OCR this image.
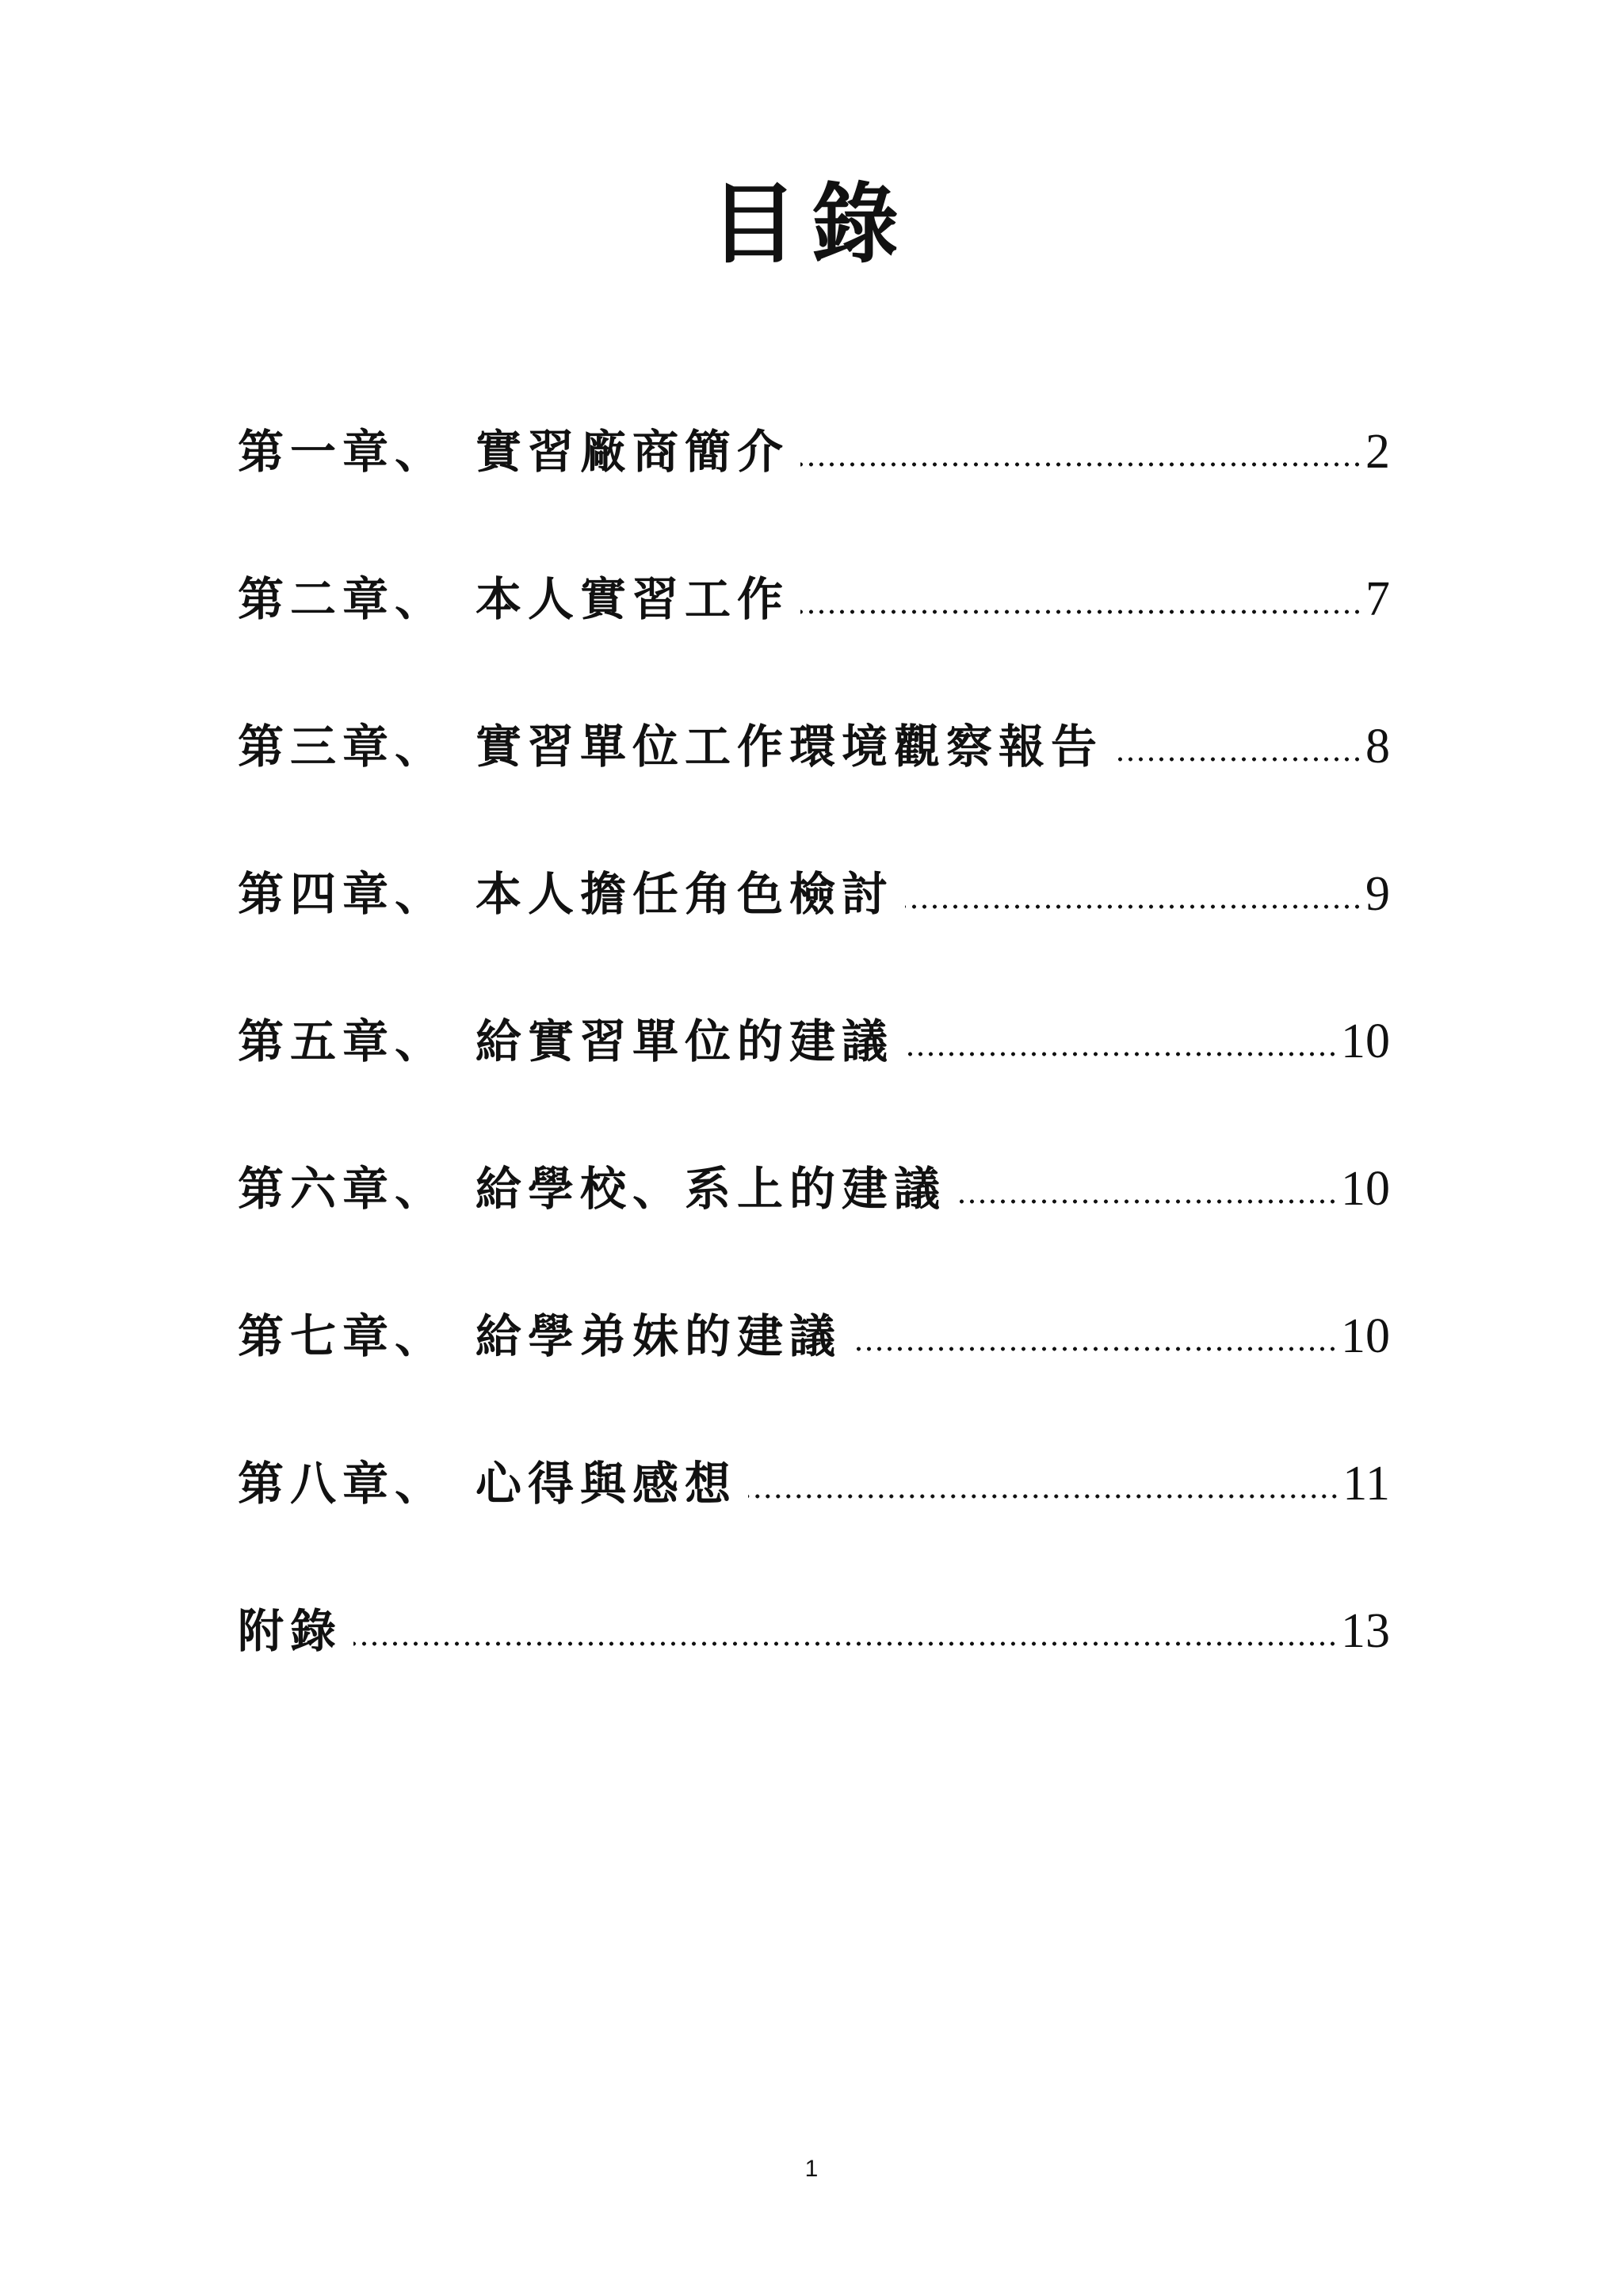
目錄
第一章、 實習廠商簡介	2
第二章、 本人實習工作	7
第三章、 實習單位工作環境觀察報告	8
第四章、 本人擔任角色檢討	9
第五章、 給實習單位的建議	10
第六章、 給學校、系上的建議	10
第七章、 給學弟妹的建議	10
第八章、 心得與感想	11
附錄	13
1
